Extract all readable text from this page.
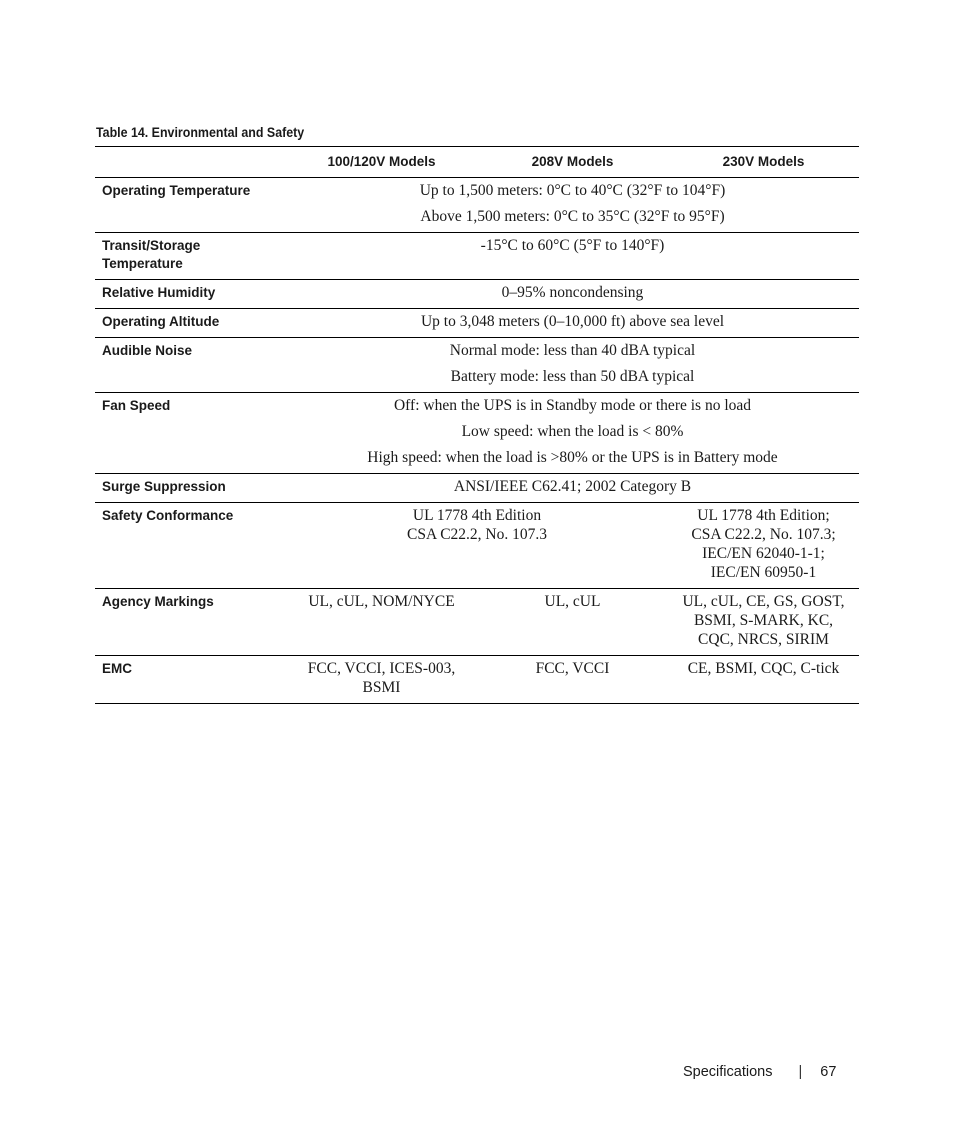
Table 14. Environmental and Safety
	100/120V Models	208V Models	230V Models

Operating Temperature	Up to 1,500 meters: 0°C to 40°C (32°F to 104°F)
Above 1,500 meters: 0°C to 35°C (32°F to 95°F)		

Transit/Storage
Temperature	-15°C to 60°C (5°F to 140°F)		

Relative Humidity	0–95% noncondensing		

Operating Altitude	Up to 3,048 meters (0–10,000 ft) above sea level		

Audible Noise	Normal mode: less than 40 dBA typical
Battery mode: less than 50 dBA typical		

Fan Speed	Off: when the UPS is in Standby mode or there is no load
Low speed: when the load is < 80%
High speed: when the load is >80% or the UPS is in Battery mode		

Surge Suppression	ANSI/IEEE C62.41; 2002 Category B		

Safety Conformance	UL 1778 4th Edition
CSA C22.2, No. 107.3		UL 1778 4th Edition;
CSA C22.2, No. 107.3;
IEC/EN 62040-1-1;
IEC/EN 60950-1

Agency Markings	UL, cUL, NOM/NYCE	UL, cUL	UL, cUL, CE, GS, GOST,
BSMI, S-MARK, KC,
CQC, NRCS, SIRIM

EMC	FCC, VCCI, ICES-003,
BSMI	FCC, VCCI	CE, BSMI, CQC, C-tick
Specifications | 67
